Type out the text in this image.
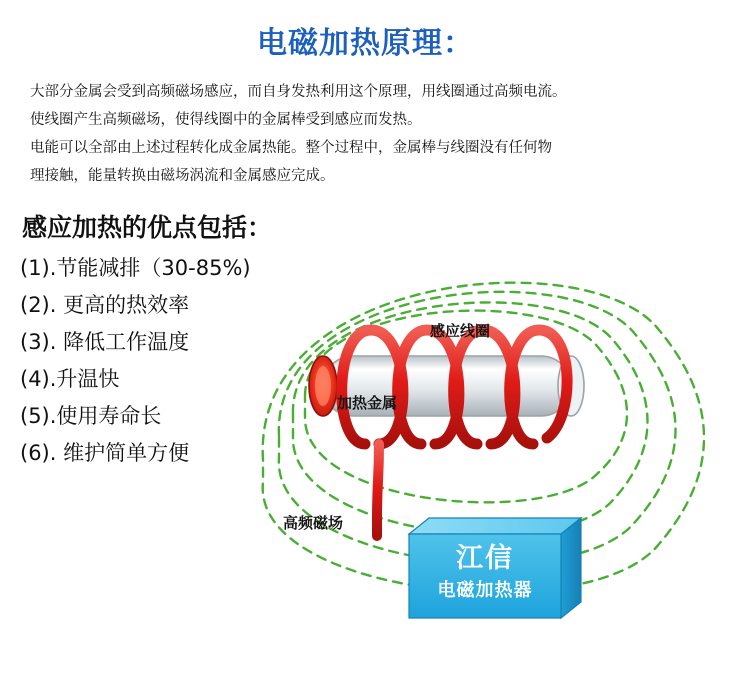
电磁加热原理：

大部分金属会受到高频磁场感应，而自身发热利用这个原理，用线圈通过高频电流。

使线圈产生高频磁场，使得线圈中的金属棒受到感应而发热。

电能可以全部由上述过程转化成金属热能。整个过程中，金属棒与线圈没有任何物

理接触，能量转换由磁场涡流和金属感应完成。

感应加热的优点包括：
(1).节能减排（30-85%)
(2). 更高的热效率
(3). 降低工作温度
(4).升温快
(5).使用寿命长
(6). 维护简单方便
感应线圈
加热金属
高频磁场
江信
电磁加热器
